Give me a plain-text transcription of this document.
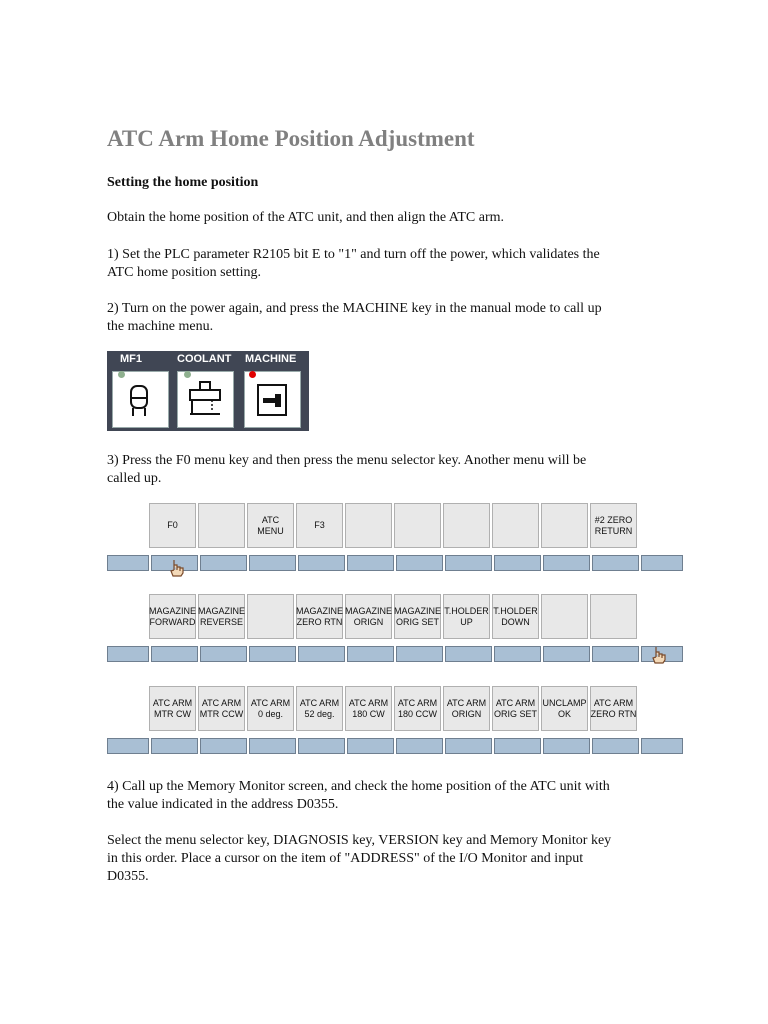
ATC Arm Home Position Adjustment

Setting the home position

Obtain the home position of the ATC unit, and then align the ATC arm.

1) Set the PLC parameter R2105 bit E to "1" and turn off the power, which validates the

ATC home position setting.

2) Turn on the power again, and press the MACHINE key in the manual mode to call up

the machine menu.

MF1	COOLANT MACHINE

3) Press the F0 menu key and then press the menu selector key. Another menu will be

called up.

F0
ATC
MENU
F3
#2 ZERO
RETURN
MAGAZINE
FORWARD
MAGAZINE
REVERSE
MAGAZINE
ZERO RTN
MAGAZINE
ORIGN
MAGAZINE
ORIG SET
T.HOLDER
UP
T.HOLDER
DOWN
ATC ARM
MTR CW
ATC ARM
MTR CCW
ATC ARM
0 deg.
ATC ARM
52 deg.
ATC ARM
180 CW
ATC ARM
180 CCW
ATC ARM
ORIGN
ATC ARM
ORIG SET
UNCLAMP
OK
ATC ARM
ZERO RTN

4) Call up the Memory Monitor screen, and check the home position of the ATC unit with

the value indicated in the address D0355.

Select the menu selector key, DIAGNOSIS key, VERSION key and Memory Monitor key

in this order. Place a cursor on the item of "ADDRESS" of the I/O Monitor and input

D0355.
